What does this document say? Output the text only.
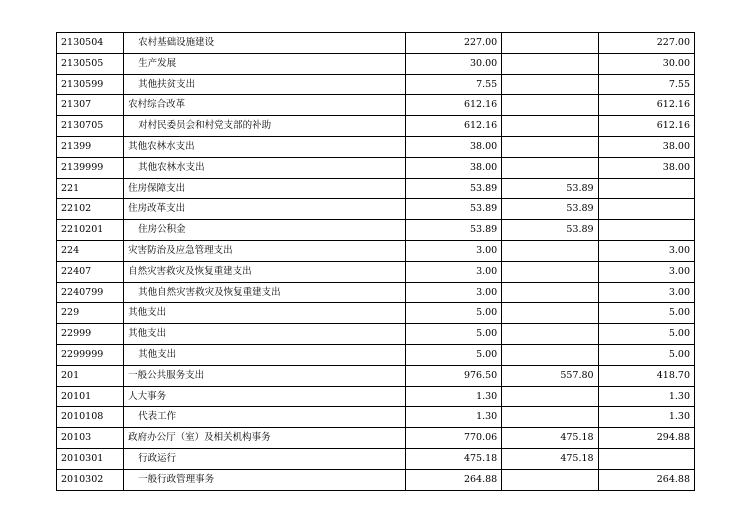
2130504	农村基础设施建设	227.00		227.00
2130505	生产发展	30.00		30.00
2130599	其他扶贫支出	7.55		7.55
21307	农村综合改革	612.16		612.16
2130705	对村民委员会和村党支部的补助	612.16		612.16
21399	其他农林水支出	38.00		38.00
2139999	其他农林水支出	38.00		38.00
221	住房保障支出	53.89	53.89	
22102	住房改革支出	53.89	53.89	
2210201	住房公积金	53.89	53.89	
224	灾害防治及应急管理支出	3.00		3.00
22407	自然灾害救灾及恢复重建支出	3.00		3.00
2240799	其他自然灾害救灾及恢复重建支出	3.00		3.00
229	其他支出	5.00		5.00
22999	其他支出	5.00		5.00
2299999	其他支出	5.00		5.00
201	一般公共服务支出	976.50	557.80	418.70
20101	人大事务	1.30		1.30
2010108	代表工作	1.30		1.30
20103	政府办公厅（室）及相关机构事务	770.06	475.18	294.88
2010301	行政运行	475.18	475.18	
2010302	一般行政管理事务	264.88		264.88
